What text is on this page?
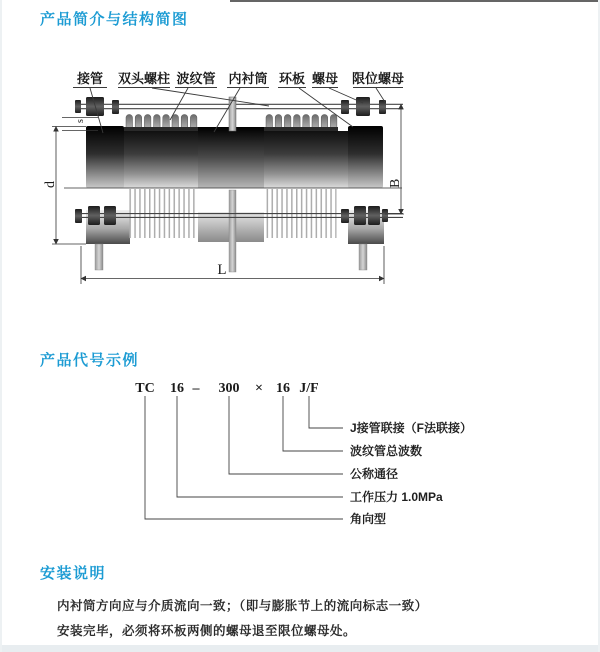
产品简介与结构简图
s
d	B
L
接管 双头螺柱 波纹管 内衬筒 环板 螺母 限位螺母
产品代号示例
TC 16 – 300 × 16 J/F
J接管联接（F法联接）
波纹管总波数
公称通径
工作压力 1.0MPa
角向型
安装说明

内衬筒方向应与介质流向一致；（即与膨胀节上的流向标志一致）

安装完毕，必须将环板两侧的螺母退至限位螺母处。
